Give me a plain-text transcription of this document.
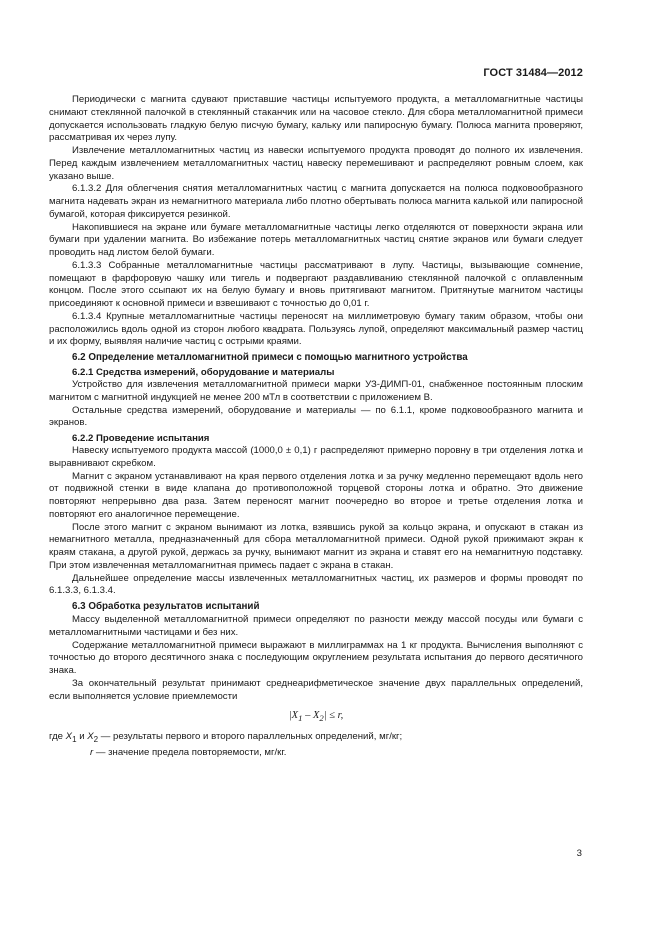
ГОСТ 31484—2012

Периодически с магнита сдувают приставшие частицы испытуемого продукта, а металломагнитные частицы снимают стеклянной палочкой в стеклянный стаканчик или на часовое стекло. Для сбора металломагнитной примеси допускается использовать гладкую белую писчую бумагу, кальку или папиросную бумагу. Полюса магнита проверяют, рассматривая их через лупу.

Извлечение металломагнитных частиц из навески испытуемого продукта проводят до полного их извлечения. Перед каждым извлечением металломагнитных частиц навеску перемешивают и распределяют ровным слоем, как указано выше.

6.1.3.2 Для облегчения снятия металломагнитных частиц с магнита допускается на полюса подковообразного магнита надевать экран из немагнитного материала либо плотно обертывать полюса магнита калькой или папиросной бумагой, которая фиксируется резинкой.

Накопившиеся на экране или бумаге металломагнитные частицы легко отделяются от поверхности экрана или бумаги при удалении магнита. Во избежание потерь металломагнитных частиц снятие экранов или бумаги следует проводить над листом белой бумаги.

6.1.3.3 Собранные металломагнитные частицы рассматривают в лупу. Частицы, вызывающие сомнение, помещают в фарфоровую чашку или тигель и подвергают раздавливанию стеклянной палочкой с оплавленным концом. После этого ссыпают их на белую бумагу и вновь притягивают магнитом. Притянутые магнитом частицы присоединяют к основной примеси и взвешивают с точностью до 0,01 г.

6.1.3.4 Крупные металломагнитные частицы переносят на миллиметровую бумагу таким образом, чтобы они расположились вдоль одной из сторон любого квадрата. Пользуясь лупой, определяют максимальный размер частиц и их форму, выявляя наличие частиц с острыми краями.

6.2 Определение металломагнитной примеси с помощью магнитного устройства
6.2.1 Средства измерений, оборудование и материалы

Устройство для извлечения металломагнитной примеси марки УЗ-ДИМП-01, снабженное постоянным плоским магнитом с магнитной индукцией не менее 200 мТл в соответствии с приложением В.

Остальные средства измерений, оборудование и материалы — по 6.1.1, кроме подковообразного магнита и экранов.

6.2.2 Проведение испытания

Навеску испытуемого продукта массой (1000,0 ± 0,1) г распределяют примерно поровну в три отделения лотка и выравнивают скребком.

Магнит с экраном устанавливают на края первого отделения лотка и за ручку медленно перемещают вдоль него от подвижной стенки в виде клапана до противоположной торцевой стороны лотка и обратно. Это движение повторяют непрерывно два раза. Затем переносят магнит поочередно во второе и третье отделения лотка и повторяют его аналогичное перемещение.

После этого магнит с экраном вынимают из лотка, взявшись рукой за кольцо экрана, и опускают в стакан из немагнитного металла, предназначенный для сбора металломагнитной примеси. Одной рукой прижимают экран к краям стакана, а другой рукой, держась за ручку, вынимают магнит из экрана и ставят его на немагнитную подставку. При этом извлеченная металломагнитная примесь падает с экрана в стакан.

Дальнейшее определение массы извлеченных металломагнитных частиц, их размеров и формы проводят по 6.1.3.3, 6.1.3.4.

6.3 Обработка результатов испытаний

Массу выделенной металломагнитной примеси определяют по разности между массой посуды или бумаги с металломагнитными частицами и без них.

Содержание металломагнитной примеси выражают в миллиграммах на 1 кг продукта. Вычисления выполняют с точностью до второго десятичного знака с последующим округлением результата испытания до первого десятичного знака.

За окончательный результат принимают среднеарифметическое значение двух параллельных определений, если выполняется условие приемлемости

$|X_1 - X_2| \le r$,

где $X_1$ и $X_2$ — результаты первого и второго параллельных определений, мг/кг;

r — значение предела повторяемости, мг/кг.

3
